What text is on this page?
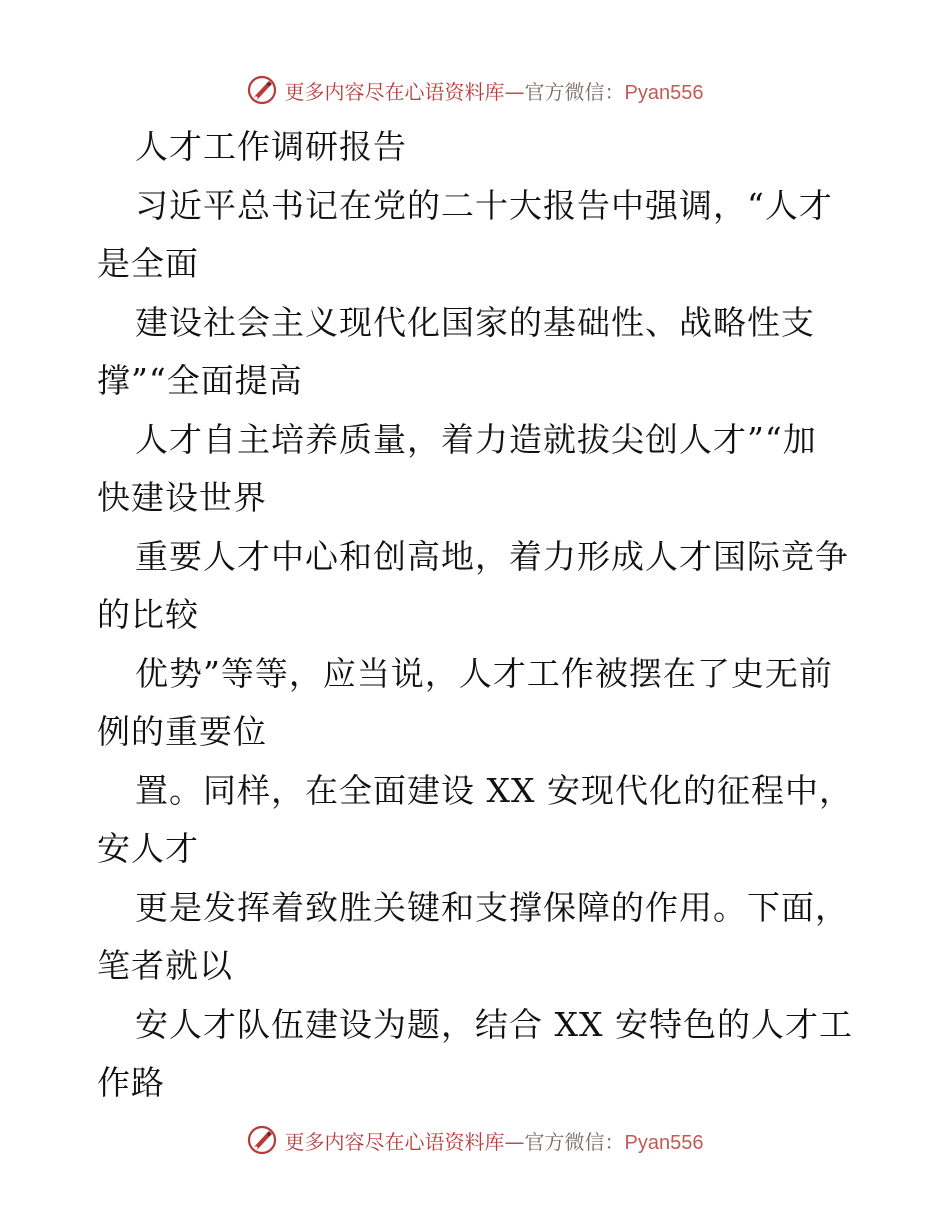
更多内容尽在心语资料库—官方微信：Pyan556
人才工作调研报告
习近平总书记在党的二十大报告中强调，“人才
是全面
建设社会主义现代化国家的基础性、战略性支
撑”“全面提高
人才自主培养质量，着力造就拔尖创人才”“加
快建设世界
重要人才中心和创高地，着力形成人才国际竞争
的比较
优势”等等，应当说，人才工作被摆在了史无前
例的重要位
置。同样，在全面建设 XX 安现代化的征程中，
安人才
更是发挥着致胜关键和支撑保障的作用。下面，
笔者就以
安人才队伍建设为题，结合 XX 安特色的人才工
作路
更多内容尽在心语资料库—官方微信：Pyan556
